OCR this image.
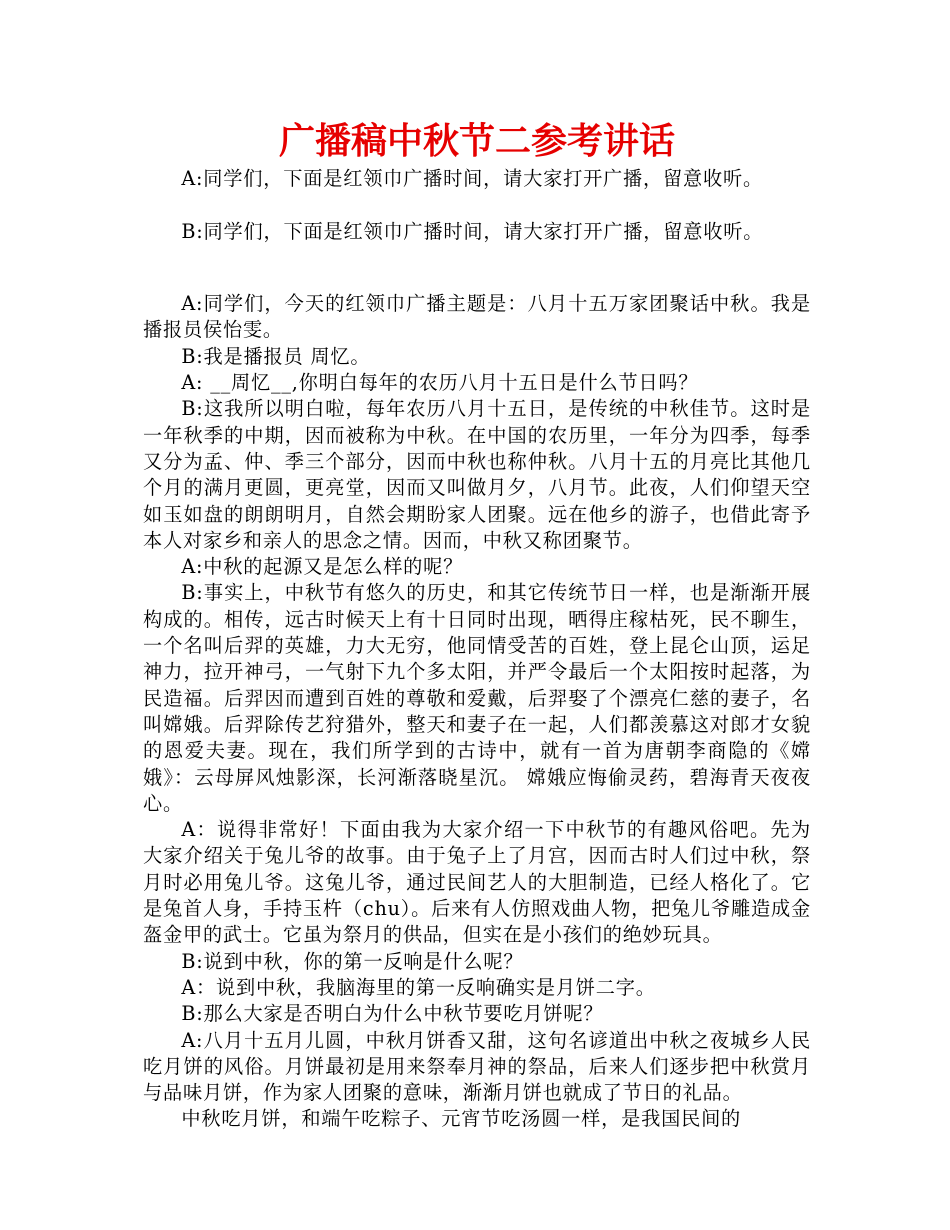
广播稿中秋节二参考讲话

A:同学们，下面是红领巾广播时间，请大家打开广播，留意收听。

B:同学们，下面是红领巾广播时间，请大家打开广播，留意收听。

A:同学们，今天的红领巾广播主题是：八月十五万家团聚话中秋。我是播报员侯怡雯。

B:我是播报员 周忆。

A: __周忆__,你明白每年的农历八月十五日是什么节日吗？

B:这我所以明白啦，每年农历八月十五日，是传统的中秋佳节。这时是一年秋季的中期，因而被称为中秋。在中国的农历里，一年分为四季，每季又分为孟、仲、季三个部分，因而中秋也称仲秋。八月十五的月亮比其他几个月的满月更圆，更亮堂，因而又叫做月夕，八月节。此夜，人们仰望天空如玉如盘的朗朗明月，自然会期盼家人团聚。远在他乡的游子，也借此寄予本人对家乡和亲人的思念之情。因而，中秋又称团聚节。

A:中秋的起源又是怎么样的呢？

B:事实上，中秋节有悠久的历史，和其它传统节日一样，也是渐渐开展构成的。相传，远古时候天上有十日同时出现，晒得庄稼枯死，民不聊生，一个名叫后羿的英雄，力大无穷，他同情受苦的百姓，登上昆仑山顶，运足神力，拉开神弓，一气射下九个多太阳，并严令最后一个太阳按时起落，为民造福。后羿因而遭到百姓的尊敬和爱戴，后羿娶了个漂亮仁慈的妻子，名叫嫦娥。后羿除传艺狩猎外，整天和妻子在一起，人们都羡慕这对郎才女貌的恩爱夫妻。现在，我们所学到的古诗中，就有一首为唐朝李商隐的《嫦娥》：云母屏风烛影深，长河渐落晓星沉。 嫦娥应悔偷灵药，碧海青天夜夜心。

A：说得非常好！下面由我为大家介绍一下中秋节的有趣风俗吧。先为大家介绍关于兔儿爷的故事。由于兔子上了月宫，因而古时人们过中秋，祭月时必用兔儿爷。这兔儿爷，通过民间艺人的大胆制造，已经人格化了。它是兔首人身，手持玉杵（chu）。后来有人仿照戏曲人物，把兔儿爷雕造成金盔金甲的武士。它虽为祭月的供品，但实在是小孩们的绝妙玩具。

B:说到中秋，你的第一反响是什么呢？

A：说到中秋，我脑海里的第一反响确实是月饼二字。

B:那么大家是否明白为什么中秋节要吃月饼呢？

A:八月十五月儿圆，中秋月饼香又甜，这句名谚道出中秋之夜城乡人民吃月饼的风俗。月饼最初是用来祭奉月神的祭品，后来人们逐步把中秋赏月与品味月饼，作为家人团聚的意味，渐渐月饼也就成了节日的礼品。

中秋吃月饼，和端午吃粽子、元宵节吃汤圆一样，是我国民间的
